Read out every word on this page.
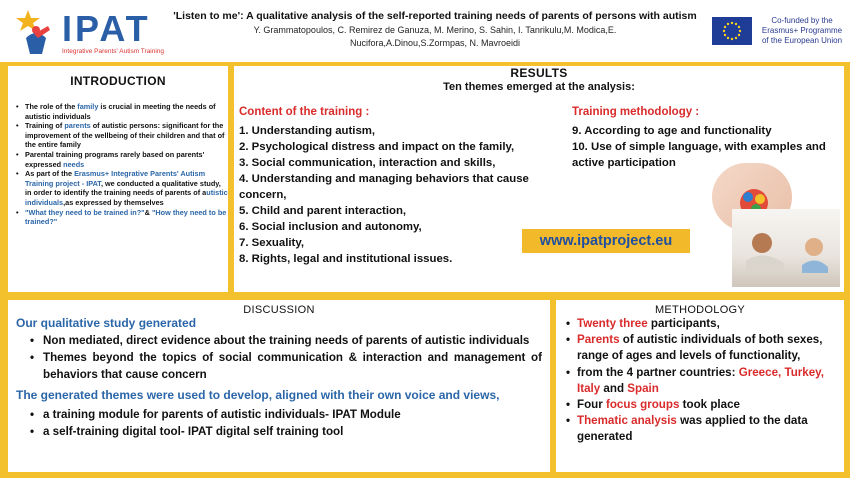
IPAT
Integrative Parents' Autism Training
'Listen to me': A qualitative analysis of the self-reported training needs of parents of persons with autism
Y. Grammatopoulos, C. Remirez de Ganuza, M. Merino, S. Sahin, I. Tanrikulu,M. Modica,E.
Nucifora,A.Dinou,S.Zormpas, N. Mavroeidi
Co-funded by the
Erasmus+ Programme
of the European Union
INTRODUCTION
• The role of the family is crucial in meeting the needs of autistic individuals
• Training of parents of autistic persons: significant for the improvement of the wellbeing of their children and that of the entire family
• Parental training programs rarely based on parents' expressed needs
• As part of the Erasmus+ Integrative Parents' Autism Training project - IPAT, we conducted a qualitative study, in order to identify the training needs of parents of autistic individuals,as expressed by themselves
• "What they need to be trained in?"& "How they need to be trained?"
RESULTS
Ten themes emerged at the analysis:
Content of the training :
1. Understanding autism,
2. Psychological distress and impact on the family,
3. Social communication, interaction and skills,
4. Understanding and managing behaviors that cause concern,
5. Child and parent interaction,
6. Social inclusion and autonomy,
7. Sexuality,
8. Rights, legal and institutional issues.
Training methodology :
9. According to age and functionality
10. Use of simple language, with examples and active participation
www.ipatproject.eu
DISCUSSION
Our qualitative study generated
• Non mediated, direct evidence about the training needs of parents of autistic individuals
• Themes beyond the topics of social communication & interaction and management of behaviors that cause concern
The generated themes were used to develop, aligned with their own voice and views,
• a training module for parents of autistic individuals- IPAT Module
• a self-training digital tool- IPAT digital self training tool
METHODOLOGY
• Twenty three participants,
• Parents of autistic individuals of both sexes, range of ages and levels of functionality,
• from the 4 partner countries: Greece, Turkey, Italy and Spain
• Four focus groups took place
• Thematic analysis was applied to the data generated
